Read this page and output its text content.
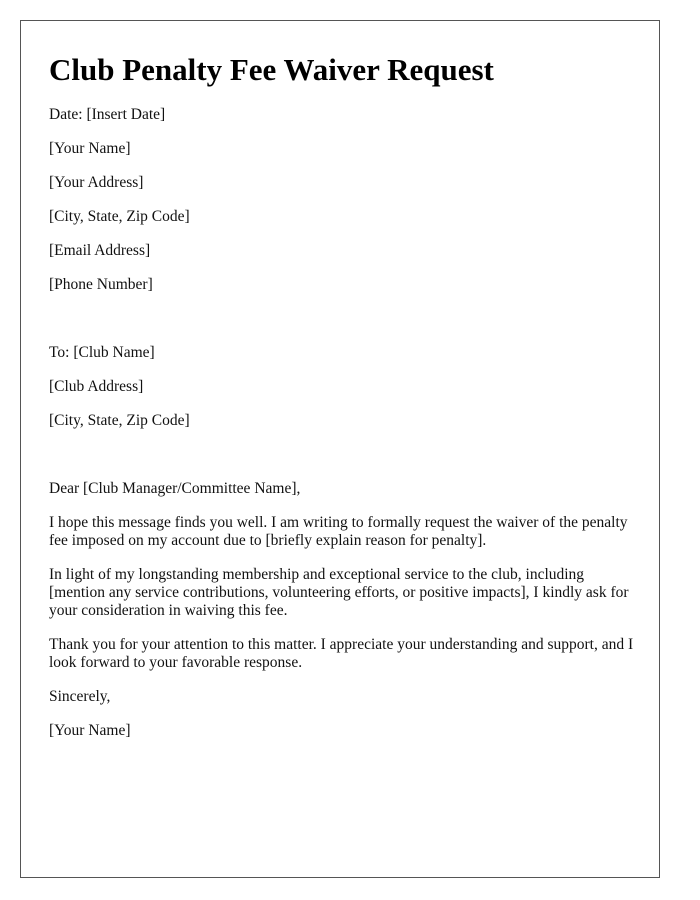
Club Penalty Fee Waiver Request

Date: [Insert Date]

[Your Name]

[Your Address]

[City, State, Zip Code]

[Email Address]

[Phone Number]

To: [Club Name]

[Club Address]

[City, State, Zip Code]

Dear [Club Manager/Committee Name],

I hope this message finds you well. I am writing to formally request the waiver of the penalty fee imposed on my account due to [briefly explain reason for penalty].

In light of my longstanding membership and exceptional service to the club, including [mention any service contributions, volunteering efforts, or positive impacts], I kindly ask for your consideration in waiving this fee.

Thank you for your attention to this matter. I appreciate your understanding and support, and I look forward to your favorable response.

Sincerely,

[Your Name]
